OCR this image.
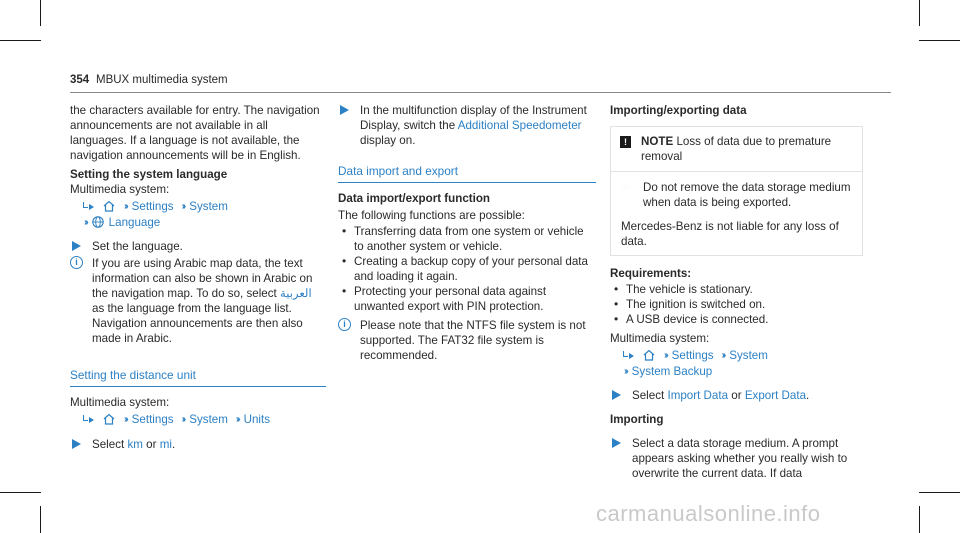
354 MBUX multimedia system

the characters available for entry. The navigation announcements are not available in all languages. If a language is not available, the navigation announcements will be in English.

Setting the system language

Multimedia system:

›› Settings ›› System
›› Language
Set the language.
i	If you are using Arabic map data, the text information can also be shown in Arabic on the navigation map. To do so, select العربية as the language from the language list. Navigation announcements are then also made in Arabic.

Setting the distance unit

Multimedia system:

›› Settings ›› System ›› Units
Select km or mi.
In the multifunction display of the Instrument Display, switch the Additional Speedometer display on.

Data import and export

Data import/export function

The following functions are possible:

• Transferring data from one system or vehicle to another system or vehicle.
• Creating a backup copy of your personal data and loading it again.
• Protecting your personal data against unwanted export with PIN protection.
i	Please note that the NTFS file system is not supported. The FAT32 file system is recommended.

Importing/exporting data

!	NOTE Loss of data due to premature removal
Do not remove the data storage medium when data is being exported.

Mercedes-Benz is not liable for any loss of data.

Requirements:

• The vehicle is stationary.
• The ignition is switched on.
• A USB device is connected.

Multimedia system:

›› Settings ›› System
›› System Backup
Select Import Data or Export Data.

Importing

Select a data storage medium. A prompt appears asking whether you really wish to overwrite the current data. If data
carmanualsonline.info
